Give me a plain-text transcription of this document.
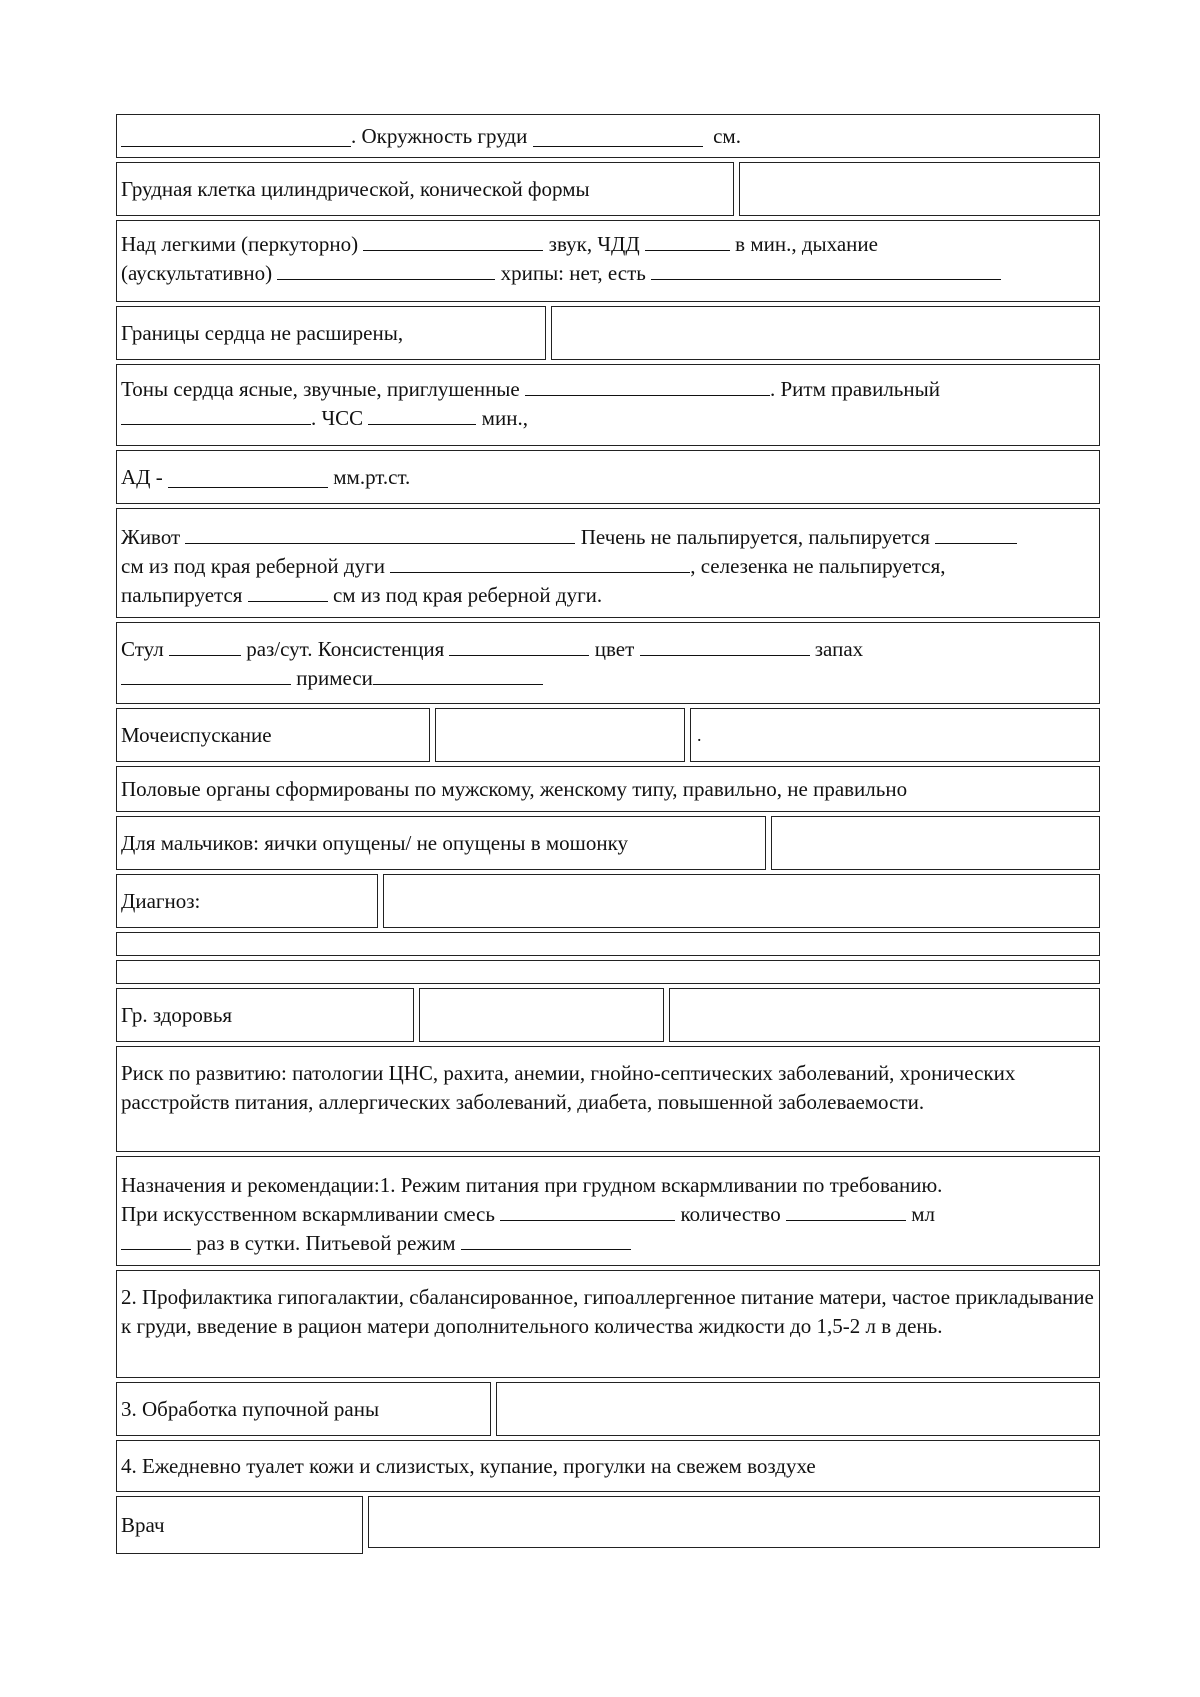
. Окружность груди

	см.
Грудная клетка цилиндрической, конической формы
Над легкими (перкуторно)	звук, ЧДД	в мин., дыхание
(аускультативно)	хрипы: нет, есть
Границы сердца не расширены,
Тоны сердца ясные, звучные, приглушенные	. Ритм правильный
. ЧСС	мин.,
АД -

	мм.рт.ст.
Живот	Печень не пальпируется, пальпируется
см из под края реберной дуги	, селезенка не пальпируется,
пальпируется	см из под края реберной дуги.
Стул	раз/сут. Консистенция	цвет	запах
примеси
Мочеиспускание	.
Половые органы сформированы по мужскому, женскому типу, правильно, не правильно
Для мальчиков: яички опущены/ не опущены в мошонку
Диагноз:
Гр. здоровья
Риск по развитию: патологии ЦНС, рахита, анемии, гнойно-септических заболеваний, хронических расстройств питания, аллергических заболеваний, диабета, повышенной заболеваемости.
Назначения и рекомендации:1. Режим питания при грудном вскармливании по требованию.
При искусственном вскармливании смесь	количество	мл
раз в сутки. Питьевой режим
2. Профилактика гипогалактии, сбалансированное, гипоаллергенное питание матери, частое прикладывание к груди, введение в рацион матери дополнительного количества жидкости до 1,5-2 л в день.
3. Обработка пупочной раны
4. Ежедневно туалет кожи и слизистых, купание, прогулки на свежем воздухе
Врач
